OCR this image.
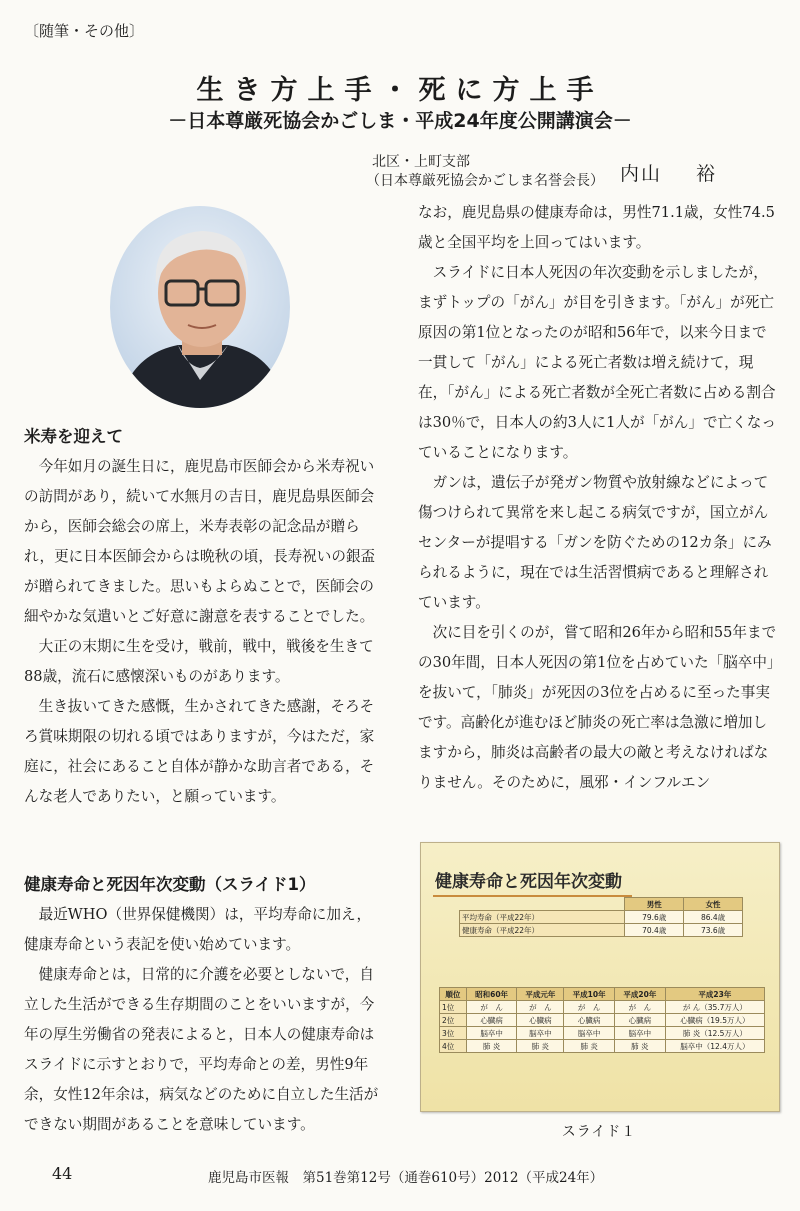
〔随筆・その他〕
生き方上手・死に方上手
－日本尊厳死協会かごしま・平成24年度公開講演会－
北区・上町支部
（日本尊厳死協会かごしま名誉会長） 内山 裕
米寿を迎えて

今年如月の誕生日に，鹿児島市医師会から米寿祝いの訪問があり，続いて水無月の吉日，鹿児島県医師会から，医師会総会の席上，米寿表彰の記念品が贈られ，更に日本医師会からは晩秋の頃，長寿祝いの銀盃が贈られてきました。思いもよらぬことで，医師会の細やかな気遣いとご好意に謝意を表することでした。

大正の末期に生を受け，戦前，戦中，戦後を生きて88歳，流石に感懐深いものがあります。

生き抜いてきた感慨，生かされてきた感謝，そろそろ賞味期限の切れる頃ではありますが，今はただ，家庭に，社会にあること自体が静かな助言者である，そんな老人でありたい，と願っています。

健康寿命と死因年次変動（スライド1）

最近WHO（世界保健機関）は，平均寿命に加え，健康寿命という表記を使い始めています。

健康寿命とは，日常的に介護を必要としないで，自立した生活ができる生存期間のことをいいますが，今年の厚生労働省の発表によると，日本人の健康寿命はスライドに示すとおりで，平均寿命との差，男性9年余，女性12年余は，病気などのために自立した生活ができない期間があることを意味しています。

なお，鹿児島県の健康寿命は，男性71.1歳，女性74.5歳と全国平均を上回ってはいます。

スライドに日本人死因の年次変動を示しましたが，まずトップの「がん」が目を引きます。「がん」が死亡原因の第1位となったのが昭和56年で，以来今日まで一貫して「がん」による死亡者数は増え続けて，現在，「がん」による死亡者数が全死亡者数に占める割合は30％で，日本人の約3人に1人が「がん」で亡くなっていることになります。

ガンは，遺伝子が発ガン物質や放射線などによって傷つけられて異常を来し起こる病気ですが，国立がんセンターが提唱する「ガンを防ぐための12カ条」にみられるように，現在では生活習慣病であると理解されています。

次に目を引くのが，嘗て昭和26年から昭和55年までの30年間，日本人死因の第1位を占めていた「脳卒中」を抜いて，「肺炎」が死因の3位を占めるに至った事実です。高齢化が進むほど肺炎の死亡率は急激に増加しますから，肺炎は高齢者の最大の敵と考えなければなりません。そのために，風邪・インフルエン

健康寿命と死因年次変動
	男性	女性
平均寿命（平成22年）	79.6歳	86.4歳
健康寿命（平成22年）	70.4歳	73.6歳
順位	昭和60年	平成元年	平成10年	平成20年	平成23年
1位	が　ん	が　ん	が　ん	が　ん	が ん（35.7万人）
2位	心臓病	心臓病	心臓病	心臓病	心臓病（19.5万人）
3位	脳卒中	脳卒中	脳卒中	脳卒中	肺 炎（12.5万人）
4位	肺 炎	肺 炎	肺 炎	肺 炎	脳卒中（12.4万人）
スライド１
44	鹿児島市医報　第51巻第12号（通巻610号）2012（平成24年）
